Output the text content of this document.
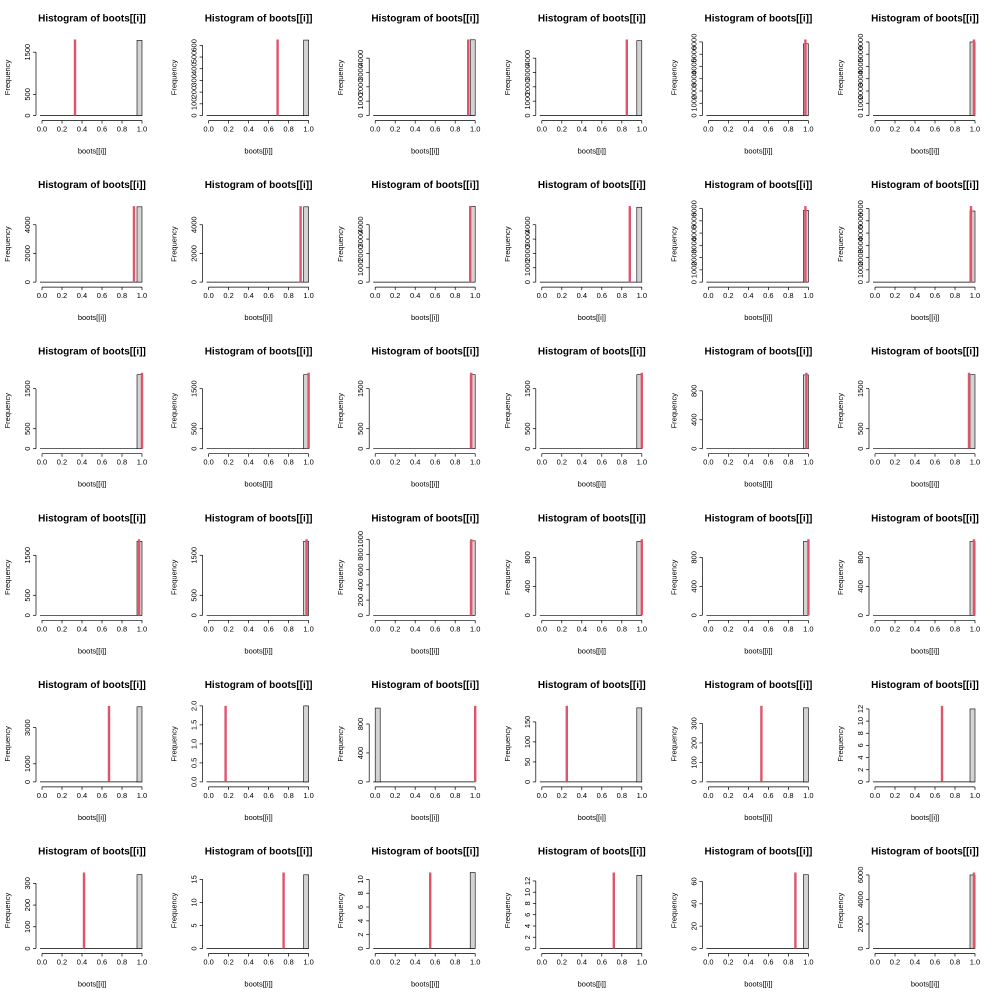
Histogram of boots[[i]]
0.0 0.2 0.4 0.6 0.8 1.0
boots[[i]]
0
500
1500
Frequency
Histogram of boots[[i]]
0.0 0.2 0.4 0.6 0.8 1.0
boots[[i]]
0
100
200
300
400
500
600
Frequency
Histogram of boots[[i]]
0.0 0.2 0.4 0.6 0.8 1.0
boots[[i]]
0
1000
2000
3000
4000
Frequency
Histogram of boots[[i]]
0.0 0.2 0.4 0.6 0.8 1.0
boots[[i]]
0
1000
2000
3000
4000
Frequency
Histogram of boots[[i]]
0.0 0.2 0.4 0.6 0.8 1.0
boots[[i]]
0
1000
2000
3000
4000
5000
6000
Frequency
Histogram of boots[[i]]
0.0 0.2 0.4 0.6 0.8 1.0
boots[[i]]
0
1000
2000
3000
4000
5000
6000
Frequency
Histogram of boots[[i]]
0.0 0.2 0.4 0.6 0.8 1.0
boots[[i]]
0
2000
4000
Frequency
Histogram of boots[[i]]
0.0 0.2 0.4 0.6 0.8 1.0
boots[[i]]
0
2000
4000
Frequency
Histogram of boots[[i]]
0.0 0.2 0.4 0.6 0.8 1.0
boots[[i]]
0
1000
2000
3000
4000
Frequency
Histogram of boots[[i]]
0.0 0.2 0.4 0.6 0.8 1.0
boots[[i]]
0
1000
2000
3000
4000
Frequency
Histogram of boots[[i]]
0.0 0.2 0.4 0.6 0.8 1.0
boots[[i]]
0
1000
2000
3000
4000
5000
6000
Frequency
Histogram of boots[[i]]
0.0 0.2 0.4 0.6 0.8 1.0
boots[[i]]
0
1000
2000
3000
4000
5000
6000
Frequency
Histogram of boots[[i]]
0.0 0.2 0.4 0.6 0.8 1.0
boots[[i]]
0
500
1500
Frequency
Histogram of boots[[i]]
0.0 0.2 0.4 0.6 0.8 1.0
boots[[i]]
0
500
1500
Frequency
Histogram of boots[[i]]
0.0 0.2 0.4 0.6 0.8 1.0
boots[[i]]
0
500
1500
Frequency
Histogram of boots[[i]]
0.0 0.2 0.4 0.6 0.8 1.0
boots[[i]]
0
500
1500
Frequency
Histogram of boots[[i]]
0.0 0.2 0.4 0.6 0.8 1.0
boots[[i]]
0
400
800
Frequency
Histogram of boots[[i]]
0.0 0.2 0.4 0.6 0.8 1.0
boots[[i]]
0
500
1500
Frequency
Histogram of boots[[i]]
0.0 0.2 0.4 0.6 0.8 1.0
boots[[i]]
0
500
1500
Frequency
Histogram of boots[[i]]
0.0 0.2 0.4 0.6 0.8 1.0
boots[[i]]
0
500
1500
Frequency
Histogram of boots[[i]]
0.0 0.2 0.4 0.6 0.8 1.0
boots[[i]]
0
200
400
600
800
1000
Frequency
Histogram of boots[[i]]
0.0 0.2 0.4 0.6 0.8 1.0
boots[[i]]
0
400
800
Frequency
Histogram of boots[[i]]
0.0 0.2 0.4 0.6 0.8 1.0
boots[[i]]
0
400
800
Frequency
Histogram of boots[[i]]
0.0 0.2 0.4 0.6 0.8 1.0
boots[[i]]
0
400
800
Frequency
Histogram of boots[[i]]
0.0 0.2 0.4 0.6 0.8 1.0
boots[[i]]
0
1000
3000
Frequency
Histogram of boots[[i]]
0.0 0.2 0.4 0.6 0.8 1.0
boots[[i]]
0.0
0.5
1.0
1.5
2.0
Frequency
Histogram of boots[[i]]
0.0 0.2 0.4 0.6 0.8 1.0
boots[[i]]
0
400
800
Frequency
Histogram of boots[[i]]
0.0 0.2 0.4 0.6 0.8 1.0
boots[[i]]
0
50
100
150
Frequency
Histogram of boots[[i]]
0.0 0.2 0.4 0.6 0.8 1.0
boots[[i]]
0
100
200
300
Frequency
Histogram of boots[[i]]
0.0 0.2 0.4 0.6 0.8 1.0
boots[[i]]
0
2
4
6
8
10
12
Frequency
Histogram of boots[[i]]
0.0 0.2 0.4 0.6 0.8 1.0
boots[[i]]
0
100
200
300
Frequency
Histogram of boots[[i]]
0.0 0.2 0.4 0.6 0.8 1.0
boots[[i]]
0
5
10
15
Frequency
Histogram of boots[[i]]
0.0 0.2 0.4 0.6 0.8 1.0
boots[[i]]
0
2
4
6
8
10
Frequency
Histogram of boots[[i]]
0.0 0.2 0.4 0.6 0.8 1.0
boots[[i]]
0
2
4
6
8
10
12
Frequency
Histogram of boots[[i]]
0.0 0.2 0.4 0.6 0.8 1.0
boots[[i]]
0
20
40
60
Frequency
Histogram of boots[[i]]
0.0 0.2 0.4 0.6 0.8 1.0
boots[[i]]
0
2000
4000
6000
Frequency
